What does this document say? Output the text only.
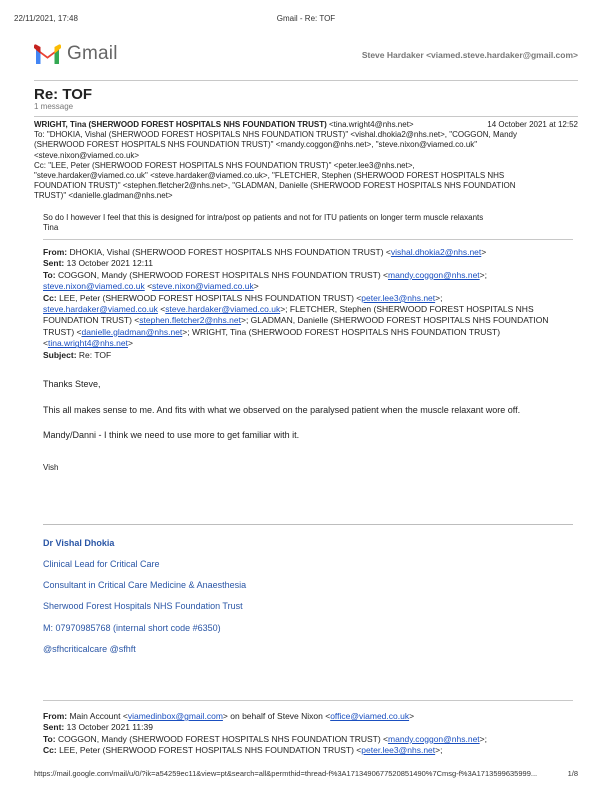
22/11/2021, 17:48	Gmail - Re: TOF
Gmail	Steve Hardaker <viamed.steve.hardaker@gmail.com>
Re: TOF
1 message
WRIGHT, Tina (SHERWOOD FOREST HOSPITALS NHS FOUNDATION TRUST) <tina.wright4@nhs.net>
To: "DHOKIA, Vishal (SHERWOOD FOREST HOSPITALS NHS FOUNDATION TRUST)" <vishal.dhokia2@nhs.net>, "COGGON, Mandy
(SHERWOOD FOREST HOSPITALS NHS FOUNDATION TRUST)" <mandy.coggon@nhs.net>, "steve.nixon@viamed.co.uk"
<steve.nixon@viamed.co.uk>
Cc: "LEE, Peter (SHERWOOD FOREST HOSPITALS NHS FOUNDATION TRUST)" <peter.lee3@nhs.net>,
"steve.hardaker@viamed.co.uk" <steve.hardaker@viamed.co.uk>, "FLETCHER, Stephen (SHERWOOD FOREST HOSPITALS NHS
FOUNDATION TRUST)" <stephen.fletcher2@nhs.net>, "GLADMAN, Danielle (SHERWOOD FOREST HOSPITALS NHS FOUNDATION
TRUST)" <danielle.gladman@nhs.net>
14 October 2021 at 12:52
So do I however I feel that this is designed for intra/post op patients and not for ITU patients on longer term muscle relaxants
Tina
From: DHOKIA, Vishal (SHERWOOD FOREST HOSPITALS NHS FOUNDATION TRUST) <vishal.dhokia2@nhs.net>
Sent: 13 October 2021 12:11
To: COGGON, Mandy (SHERWOOD FOREST HOSPITALS NHS FOUNDATION TRUST) <mandy.coggon@nhs.net>;
steve.nixon@viamed.co.uk <steve.nixon@viamed.co.uk>
Cc: LEE, Peter (SHERWOOD FOREST HOSPITALS NHS FOUNDATION TRUST) <peter.lee3@nhs.net>;
steve.hardaker@viamed.co.uk <steve.hardaker@viamed.co.uk>; FLETCHER, Stephen (SHERWOOD FOREST HOSPITALS NHS
FOUNDATION TRUST) <stephen.fletcher2@nhs.net>; GLADMAN, Danielle (SHERWOOD FOREST HOSPITALS NHS FOUNDATION
TRUST) <danielle.gladman@nhs.net>; WRIGHT, Tina (SHERWOOD FOREST HOSPITALS NHS FOUNDATION TRUST)
<tina.wright4@nhs.net>
Subject: Re: TOF
Thanks Steve,
This all makes sense to me. And fits with what we observed on the paralysed patient when the muscle relaxant wore off.
Mandy/Danni - I think we need to use more to get familiar with it.
Vish
Dr Vishal Dhokia
Clinical Lead for Critical Care
Consultant in Critical Care Medicine & Anaesthesia
Sherwood Forest Hospitals NHS Foundation Trust
M: 07970985768 (internal short code #6350)
@sfhcriticalcare @sfhft
From: Main Account <viamedinbox@gmail.com> on behalf of Steve Nixon <office@viamed.co.uk>
Sent: 13 October 2021 11:39
To: COGGON, Mandy (SHERWOOD FOREST HOSPITALS NHS FOUNDATION TRUST) <mandy.coggon@nhs.net>;
Cc: LEE, Peter (SHERWOOD FOREST HOSPITALS NHS FOUNDATION TRUST) <peter.lee3@nhs.net>;
https://mail.google.com/mail/u/0/?ik=a54259ec11&view=pt&search=all&permthid=thread-f%3A1713490677520851490%7Cmsg-f%3A1713599635999...	1/8
